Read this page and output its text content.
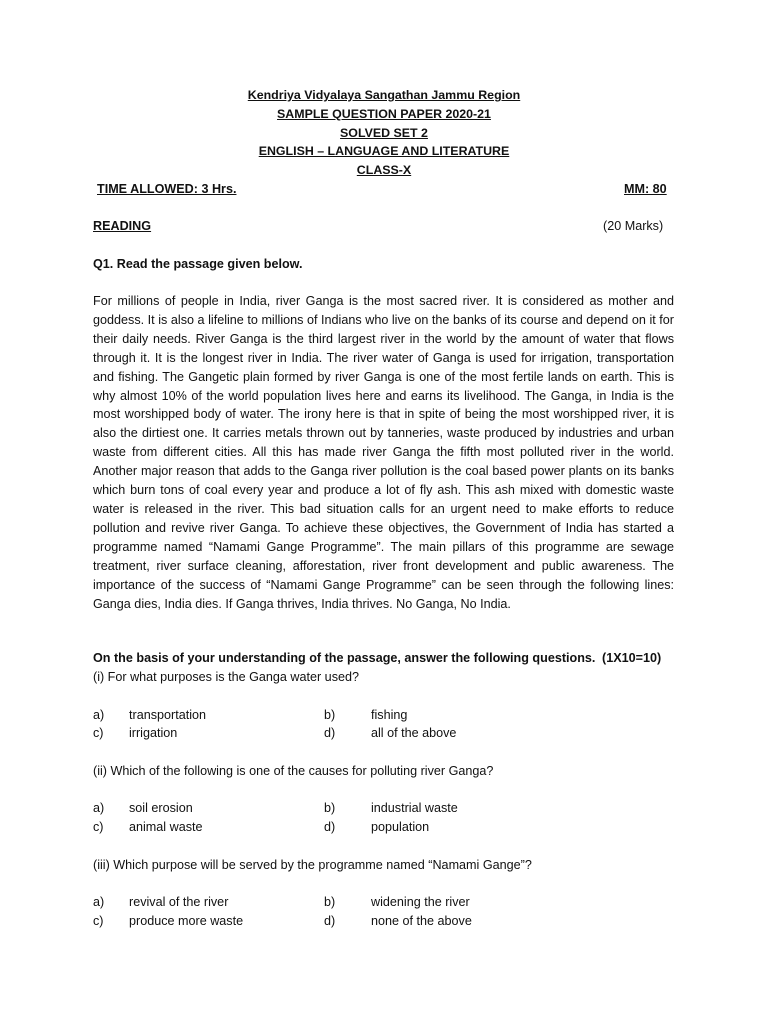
Kendriya Vidyalaya Sangathan Jammu Region
SAMPLE QUESTION PAPER 2020-21
SOLVED SET 2
ENGLISH – LANGUAGE AND LITERATURE
CLASS-X
TIME ALLOWED: 3 Hrs.	MM: 80
READING	(20 Marks)
Q1. Read the passage given below.
For millions of people in India, river Ganga is the most sacred river. It is considered as mother and goddess. It is also a lifeline to millions of Indians who live on the banks of its course and depend on it for their daily needs. River Ganga is the third largest river in the world by the amount of water that flows through it. It is the longest river in India. The river water of Ganga is used for irrigation, transportation and fishing. The Gangetic plain formed by river Ganga is one of the most fertile lands on earth. This is why almost 10% of the world population lives here and earns its livelihood. The Ganga, in India is the most worshipped body of water. The irony here is that in spite of being the most worshipped river, it is also the dirtiest one. It carries metals thrown out by tanneries, waste produced by industries and urban waste from different cities. All this has made river Ganga the fifth most polluted river in the world. Another major reason that adds to the Ganga river pollution is the coal based power plants on its banks which burn tons of coal every year and produce a lot of fly ash. This ash mixed with domestic waste water is released in the river. This bad situation calls for an urgent need to make efforts to reduce pollution and revive river Ganga. To achieve these objectives, the Government of India has started a programme named “Namami Gange Programme”. The main pillars of this programme are sewage treatment, river surface cleaning, afforestation, river front development and public awareness. The importance of the success of “Namami Gange Programme” can be seen through the following lines: Ganga dies, India dies. If Ganga thrives, India thrives. No Ganga, No India.
On the basis of your understanding of the passage, answer the following questions. (1X10=10)
(i) For what purposes is the Ganga water used?
a) transportation	b)	fishing
c) irrigation	d)	all of the above
(ii) Which of the following is one of the causes for polluting river Ganga?
a) soil erosion	b)	industrial waste
c) animal waste	d)	population
(iii) Which purpose will be served by the programme named “Namami Gange”?
a) revival of the river	b)	widening the river
c) produce more waste	d)	none of the above
